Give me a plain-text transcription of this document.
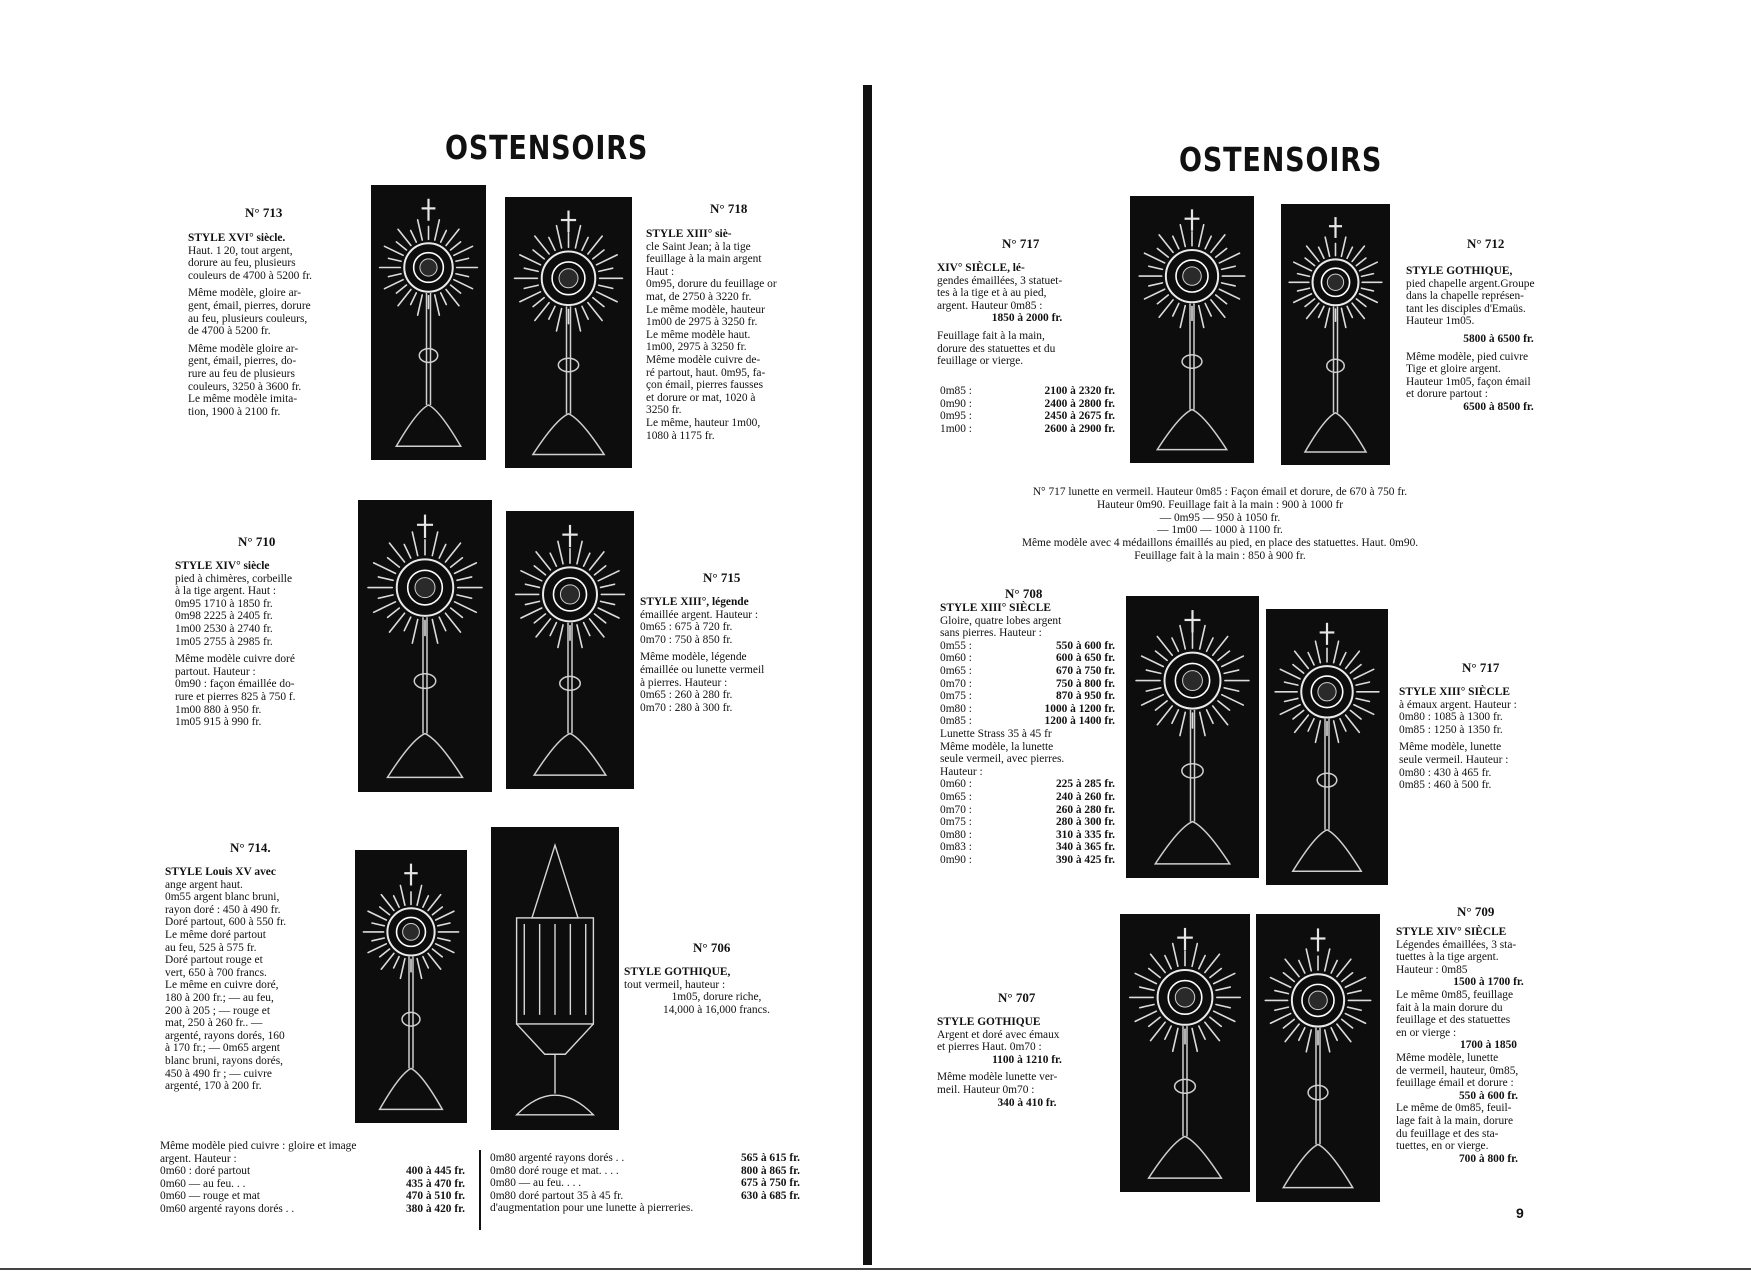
OSTENSOIRS
N° 713
STYLE XVI° siècle.
Haut. 1 20, tout argent,
dorure au feu, plusieurs
couleurs de 4700 à 5200 fr.
Même modèle, gloire ar-
gent, émail, pierres, dorure
au feu, plusieurs couleurs,
de 4700 à 5200 fr.
Même modèle gloire ar-
gent, émail, pierres, do-
rure au feu de plusieurs
couleurs, 3250 à 3600 fr.
Le même modèle imita-
tion, 1900 à 2100 fr.
N° 718
STYLE XIII° siè-
cle Saint Jean; à la tige
feuillage à la main argent
Haut :
0m95, dorure du feuillage or
mat, de 2750 à 3220 fr.
Le même modèle, hauteur
1m00 de 2975 à 3250 fr.
Le même modèle haut.
1m00, 2975 à 3250 fr.
Même modèle cuivre de-
ré partout, haut. 0m95, fa-
çon émail, pierres fausses
et dorure or mat, 1020 à
3250 fr.
Le même, hauteur 1m00,
1080 à 1175 fr.
N° 710
STYLE XIV° siècle
pied à chimères, corbeille
à la tige argent. Haut :
0m95 1710 à 1850 fr.
0m98 2225 à 2405 fr.
1m00 2530 à 2740 fr.
1m05 2755 à 2985 fr.
Même modèle cuivre doré
partout. Hauteur :
0m90 : façon émaillée do-
rure et pierres 825 à 750 f.
1m00 880 à 950 fr.
1m05 915 à 990 fr.
N° 715
STYLE XIII°, légende
émaillée argent. Hauteur :
0m65 : 675 à 720 fr.
0m70 : 750 à 850 fr.
Même modèle, légende
émaillée ou lunette vermeil
à pierres. Hauteur :
0m65 : 260 à 280 fr.
0m70 : 280 à 300 fr.
N° 714.
STYLE Louis XV avec
ange argent haut.
0m55 argent blanc bruni,
rayon doré : 450 à 490 fr.
Doré partout, 600 à 550 fr.
Le même doré partout
au feu, 525 à 575 fr.
Doré partout rouge et
vert, 650 à 700 francs.
Le même en cuivre doré,
180 à 200 fr.; — au feu,
200 à 205 ; — rouge et
mat, 250 à 260 fr.. —
argenté, rayons dorés, 160
à 170 fr.; — 0m65 argent
blanc bruni, rayons dorés,
450 à 490 fr ; — cuivre
argenté, 170 à 200 fr.
N° 706
STYLE GOTHIQUE,
tout vermeil, hauteur :
1m05, dorure riche,
14,000 à 16,000 francs.
Même modèle pied cuivre : gloire et image
argent. Hauteur :
0m60 : doré partout	400 à 445 fr.
0m60 — au feu. . .	435 à 470 fr.
0m60 — rouge et mat	470 à 510 fr.
0m60 argenté rayons dorés . .	380 à 420 fr.
0m80 argenté rayons dorés . .	565 à 615 fr.
0m80 doré rouge et mat. . . .	800 à 865 fr.
0m80 — au feu. . . .	675 à 750 fr.
0m80 doré partout 35 à 45 fr.	630 à 685 fr.
d'augmentation pour une lunette à pierreries.
OSTENSOIRS
N° 717
XIV° SIÈCLE, lé-
gendes émaillées, 3 statuet-
tes à la tige et à au pied,
argent. Hauteur 0m85 :
1850 à 2000 fr.
Feuillage fait à la main,
dorure des statuettes et du
feuillage or vierge.
0m85 :	2100 à 2320 fr.
0m90 :	2400 à 2800 fr.
0m95 :	2450 à 2675 fr.
1m00 :	2600 à 2900 fr.
N° 712
STYLE GOTHIQUE,
pied chapelle argent.Groupe
dans la chapelle représen-
tant les disciples d'Emaüs.
Hauteur 1m05.
5800 à 6500 fr.
Même modèle, pied cuivre
Tige et gloire argent.
Hauteur 1m05, façon émail
et dorure partout :
6500 à 8500 fr.
N° 717 lunette en vermeil. Hauteur 0m85 : Façon émail et dorure, de 670 à 750 fr.
Hauteur 0m90. Feuillage fait à la main : 900 à 1000 fr
— 0m95 — 950 à 1050 fr.
— 1m00 — 1000 à 1100 fr.
Même modèle avec 4 médaillons émaillés au pied, en place des statuettes. Haut. 0m90.
Feuillage fait à la main : 850 à 900 fr.
N° 708
STYLE XIII° SIÈCLE
Gloire, quatre lobes argent
sans pierres. Hauteur :
0m55 :	550 à 600 fr.
0m60 :	600 à 650 fr.
0m65 :	670 à 750 fr.
0m70 :	750 à 800 fr.
0m75 :	870 à 950 fr.
0m80 :	1000 à 1200 fr.
0m85 :	1200 à 1400 fr.
Lunette Strass 35 à 45 fr
Même modèle, la lunette
seule vermeil, avec pierres.
Hauteur :
0m60 :	225 à 285 fr.
0m65 :	240 à 260 fr.
0m70 :	260 à 280 fr.
0m75 :	280 à 300 fr.
0m80 :	310 à 335 fr.
0m83 :	340 à 365 fr.
0m90 :	390 à 425 fr.
N° 717
STYLE XIII° SIÈCLE
à émaux argent. Hauteur :
0m80 : 1085 à 1300 fr.
0m85 : 1250 à 1350 fr.
Même modèle, lunette
seule vermeil. Hauteur :
0m80 : 430 à 465 fr.
0m85 : 460 à 500 fr.
N° 707
STYLE GOTHIQUE
Argent et doré avec émaux
et pierres Haut. 0m70 :
1100 à 1210 fr.
Même modèle lunette ver-
meil. Hauteur 0m70 :
340 à 410 fr.
N° 709
STYLE XIV° SIÈCLE
Légendes émaillées, 3 sta-
tuettes à la tige argent.
Hauteur : 0m85
1500 à 1700 fr.
Le même 0m85, feuillage
fait à la main dorure du
feuillage et des statuettes
en or vierge :
1700 à 1850
Même modèle, lunette
de vermeil, hauteur, 0m85,
feuillage émail et dorure :
550 à 600 fr.
Le même de 0m85, feuil-
lage fait à la main, dorure
du feuillage et des sta-
tuettes, en or vierge.
700 à 800 fr.
9
